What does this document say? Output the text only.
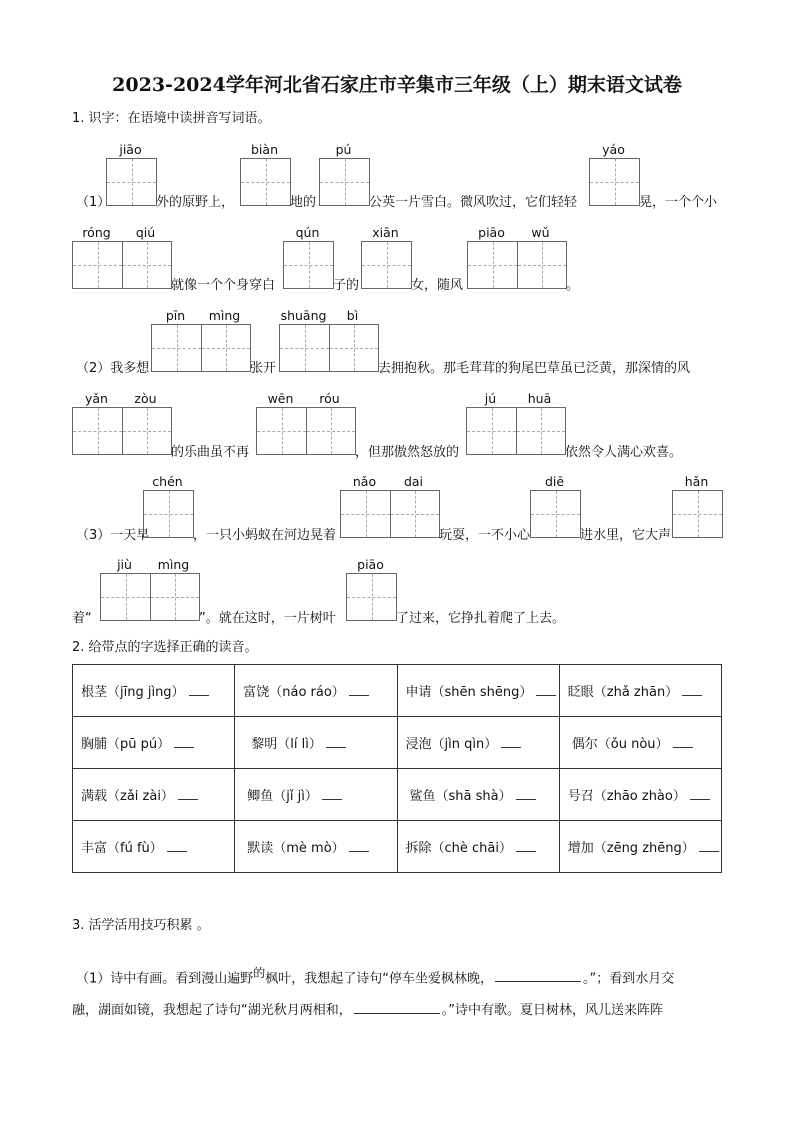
2023-2024学年河北省石家庄市辛集市三年级（上）期末语文试卷
1. 识字：在语境中读拼音写词语。
jiāo	biàn	pú	yáo
（1）	外的原野上，	地的	公英一片雪白。微风吹过，它们轻轻	晃，一个个小
róng	qiú	qún	xiān	piāo	wǔ
就像一个个身穿白	子的	女，随风	。
pīn	mìng	shuāng	bì
（2）我多想	张开	去拥抱秋。那毛茸茸的狗尾巴草虽已泛黄，那深情的风
yǎn	zòu	wēn	róu	jú	huā
的乐曲虽不再	，但那傲然怒放的	依然令人满心欢喜。
chén	nǎo	dai	diē	hǎn
（3）一天早	，一只小蚂蚁在河边晃着	玩耍，一不小心	进水里，它大声
jiù	mìng	piāo
着“	”。就在这时，一片树叶	了过来，它挣扎着爬了上去。
2. 给带点的字选择正确的读音。
根茎（jīng jìng）	富饶（náo ráo）	申请（shēn shēng）	眨眼（zhǎ zhān）
胸脯（pū pú）	黎明（lí lì）	浸泡（jìn qìn）	偶尔（ǒu nòu）
满载（zǎi zài）	鲫鱼（jǐ jì）	鲨鱼（shā shà）	号召（zhāo zhào）
丰富（fú fù）	默读（mè mò）	拆除（chè chāi）	增加（zēng zhēng）
3. 活学活用技巧积累 。
（1）诗中有画。看到漫山遍野$^的$枫叶，我想起了诗句“停车坐爱枫林晚，	。”；看到水月交
融，湖面如镜，我想起了诗句“湖光秋月两相和，	。”诗中有歌。夏日树林，风儿送来阵阵
